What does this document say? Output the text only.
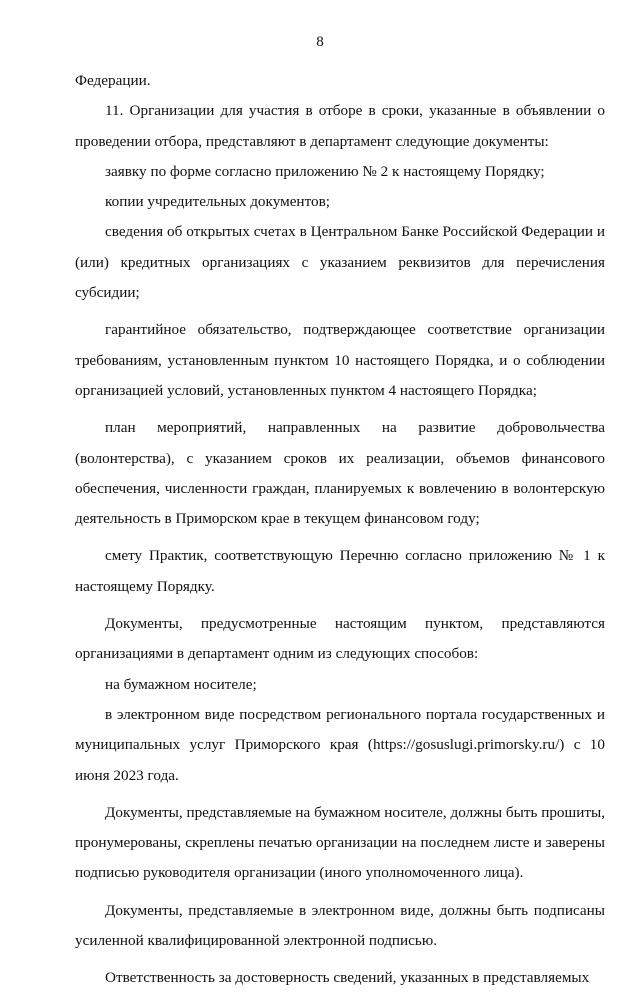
8

Федерации.

11. Организации для участия в отборе в сроки, указанные в объявлении о проведении отбора, представляют в департамент следующие документы:

заявку по форме согласно приложению № 2 к настоящему Порядку;

копии учредительных документов;

сведения об открытых счетах в Центральном Банке Российской Федерации и (или) кредитных организациях с указанием реквизитов для перечисления субсидии;

гарантийное обязательство, подтверждающее соответствие организации требованиям, установленным пунктом 10 настоящего Порядка, и о соблюдении организацией условий, установленных пунктом 4 настоящего Порядка;

план мероприятий, направленных на развитие добровольчества (волонтерства), с указанием сроков их реализации, объемов финансового обеспечения, численности граждан, планируемых к вовлечению в волонтерскую деятельность в Приморском крае в текущем финансовом году;

смету Практик, соответствующую Перечню согласно приложению № 1 к настоящему Порядку.

Документы, предусмотренные настоящим пунктом, представляются организациями в департамент одним из следующих способов:

на бумажном носителе;

в электронном виде посредством регионального портала государственных и муниципальных услуг Приморского края (https://gosuslugi.primorsky.ru/) с 10 июня 2023 года.

Документы, представляемые на бумажном носителе, должны быть прошиты, пронумерованы, скреплены печатью организации на последнем листе и заверены подписью руководителя организации (иного уполномоченного лица).

Документы, представляемые в электронном виде, должны быть подписаны усиленной квалифицированной электронной подписью.

Ответственность за достоверность сведений, указанных в представляемых
